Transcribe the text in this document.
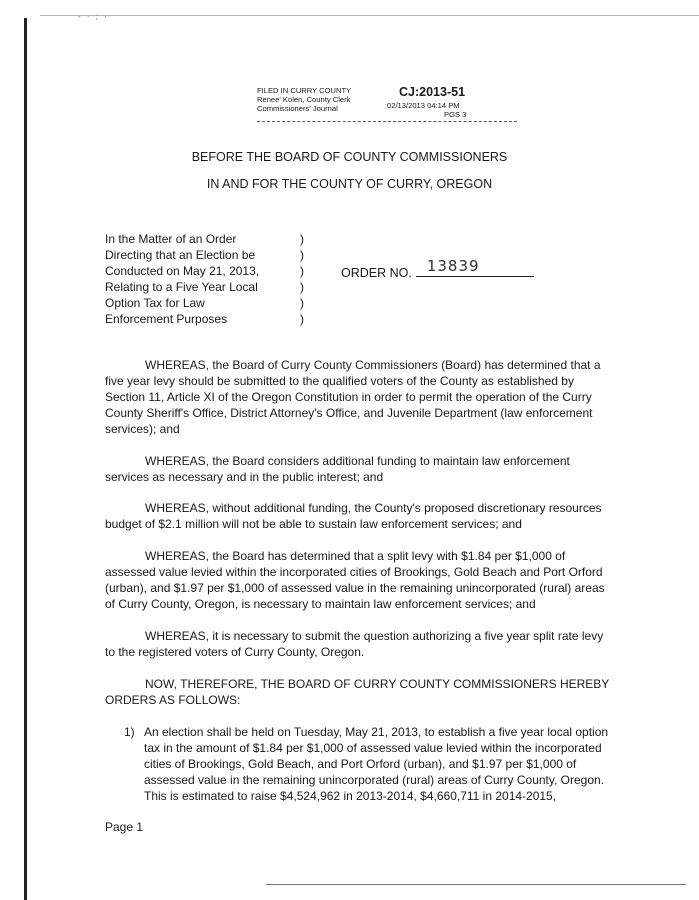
- · ; ·
FILED IN CURRY COUNTY
Renee' Kolen, County Clerk
Commissioners' Journal
CJ:2013-51
02/13/2013 04:14 PM
PGS 3
BEFORE THE BOARD OF COUNTY COMMISSIONERS
IN AND FOR THE COUNTY OF CURRY, OREGON
In the Matter of an Order
Directing that an Election be
Conducted on May 21, 2013,
Relating to a Five Year Local
Option Tax for Law
Enforcement Purposes
)
)
)
)
)
)
ORDER NO. 13839
WHEREAS, the Board of Curry County Commissioners (Board) has determined that a
five year levy should be submitted to the qualified voters of the County as established by
Section 11, Article XI of the Oregon Constitution in order to permit the operation of the Curry
County Sheriff's Office, District Attorney's Office, and Juvenile Department (law enforcement
services); and
WHEREAS, the Board considers additional funding to maintain law enforcement
services as necessary and in the public interest; and
WHEREAS, without additional funding, the County's proposed discretionary resources
budget of $2.1 million will not be able to sustain law enforcement services; and
WHEREAS, the Board has determined that a split levy with $1.84 per $1,000 of
assessed value levied within the incorporated cities of Brookings, Gold Beach and Port Orford
(urban), and $1.97 per $1,000 of assessed value in the remaining unincorporated (rural) areas
of Curry County, Oregon, is necessary to maintain law enforcement services; and
WHEREAS, it is necessary to submit the question authorizing a five year split rate levy
to the registered voters of Curry County, Oregon.
NOW, THEREFORE, THE BOARD OF CURRY COUNTY COMMISSIONERS HEREBY
ORDERS AS FOLLOWS:
1) An election shall be held on Tuesday, May 21, 2013, to establish a five year local option
tax in the amount of $1.84 per $1,000 of assessed value levied within the incorporated
cities of Brookings, Gold Beach, and Port Orford (urban), and $1.97 per $1,000 of
assessed value in the remaining unincorporated (rural) areas of Curry County, Oregon.
This is estimated to raise $4,524,962 in 2013-2014, $4,660,711 in 2014-2015,
Page 1
